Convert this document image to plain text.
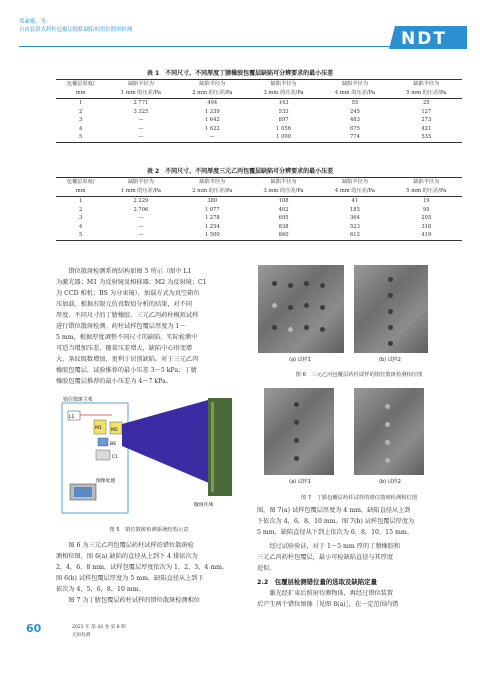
郑素娥，等：
自由装填式药柱包覆层脱粘缺陷的错位散斑检测	NDT
表 1　不同尺寸、不同厚度丁腈橡胶包覆层缺陷可分辨要求的最小压差
包覆层厚度/	缺陷半径为	缺陷半径为	缺陷半径为	缺陷半径为	缺陷半径为
mm	1 mm 的压差/Pa	2 mm 的压差/Pa	3 mm 的压差/Pa	4 mm 的压差/Pa	5 mm 的压差/Pa
1	2 771	494	143	55	25
2	3 325	1 339	533	245	127
3	—	1 642	897	483	273
4	—	1 622	1 056	675	421
5	—	—	1 090	774	535
表 2　不同尺寸、不同厚度三元乙丙包覆层缺陷可分辨要求的最小压差
包覆层厚度/	缺陷半径为	缺陷半径为	缺陷半径为	缺陷半径为	缺陷半径为
mm	1 mm 的压差/Pa	2 mm 的压差/Pa	3 mm 的压差/Pa	4 mm 的压差/Pa	5 mm 的压差/Pa
1	2 229	380	108	41	19
2	2 706	1 077	402	185	95
3	—	1 278	695	364	205
4	—	1 254	838	523	318
5	—	1 500	860	612	419
　　错位散斑检测系统结构如图 5 所示（图中 L1
为激光器；M1 为反射镜及相移器；M2 为反射镜；C1
为 CCD 相机；BS 为分束镜），加载方式为真空箱负
压加载。根据有限元仿真数值分析的结果，对不同
厚度、不同尺寸的丁腈橡胶、三元乙丙药柱模拟试样
进行错位散斑检测。药柱试样包覆层厚度为 1～
5 mm，根据厚度调整不同尺寸的缺陷。实际检测中
可适当增加压差，随着压差增大，缺陷中心形变增
大，条纹级数增加，更利于识别缺陷。对于三元乙丙
橡胶包覆层，试验推荐的最小压差 3～5 kPa；丁腈
橡胶包覆层推荐的最小压差为 4～7 kPa。
错位散斑主机
L1
M1 M2
BS
C1
散斑区域
图像处理
图 5　错位散斑检测系统结构示意
　　图 6 为三元乙丙包覆层药柱试样的错位散斑检
测相位图，图 6(a) 缺陷的直径从上到下 4 排依次为
2，4，6，8 mm，试样包覆层厚度依次为 1，2，3，4 mm。
图 6(b) 试样包覆层厚度为 5 mm，缺陷直径从上到下
依次为 4，5，6，8，10 mm。
　　图 7 为丁腈包覆层药柱试样的错位散斑检测相位
(a) 试样1	(b) 试样2
图 6　三元乙丙包覆层药柱试样的错位散斑检测相位图
(a) 试样1	(b) 试样2
图 7　丁腈包覆层药柱试样的错位散斑检测相位图
图。图 7(a) 试样包覆层厚度为 4 mm，缺陷直径从上到
下依次为 4，6，8，10 mm。图 7(b) 试样包覆层厚度为
5 mm，缺陷直径从下到上依次为 6，8，10，15 mm。
　　经过试验验证，对于 1～5 mm 厚的丁腈橡胶和
三元乙丙药柱包覆层，最小可检缺陷直径与其厚度
近似。
2.2　包覆层检测错位量的选取及缺陷定量
　　激光经扩束后照射待测物体，再经过错位装置
后产生两个错位图像［见图 8(a)］，在一定范围内错
60	2021 年 第 43 卷 第 8 期
无损检测
